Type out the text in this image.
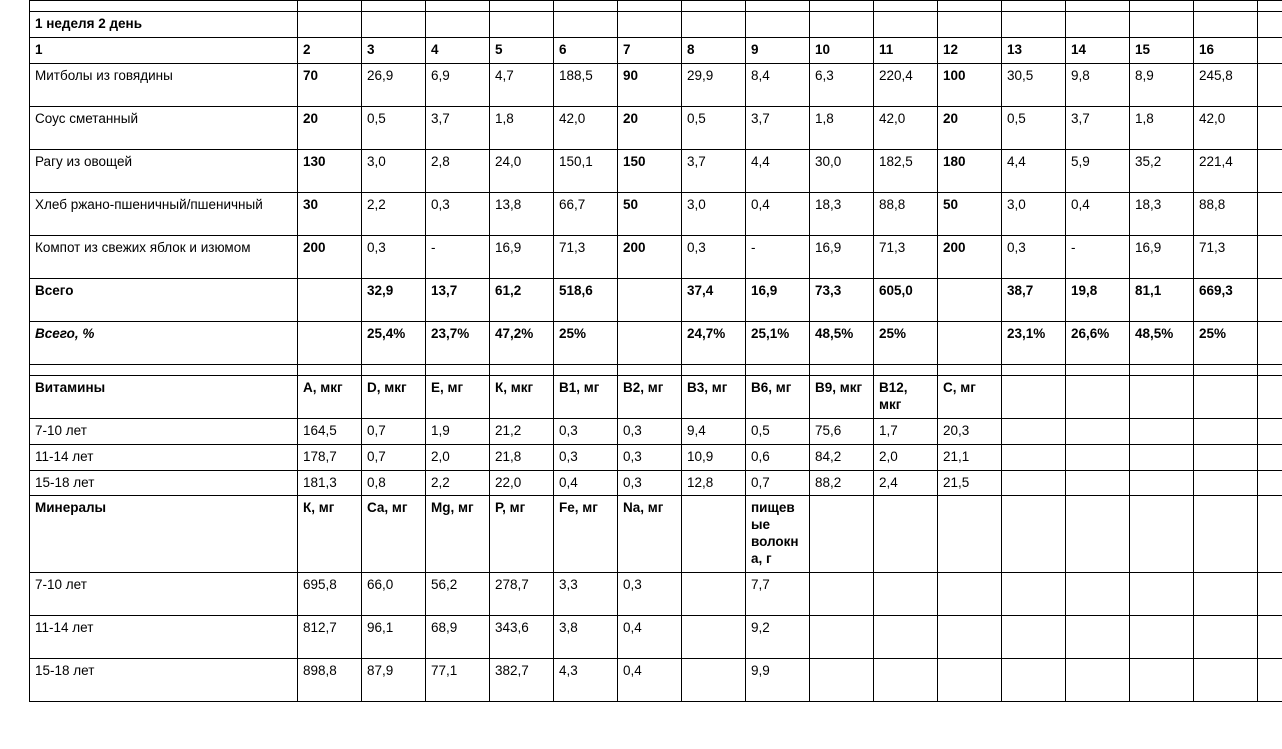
1 неделя 2 день																
1	2	3	4	5	6	7	8	9	10	11	12	13	14	15	16	
Митболы из говядины	70	26,9	6,9	4,7	188,5	90	29,9	8,4	6,3	220,4	100	30,5	9,8	8,9	245,8	
Соус сметанный	20	0,5	3,7	1,8	42,0	20	0,5	3,7	1,8	42,0	20	0,5	3,7	1,8	42,0	
Рагу из овощей	130	3,0	2,8	24,0	150,1	150	3,7	4,4	30,0	182,5	180	4,4	5,9	35,2	221,4	
Хлеб ржано-пшеничный/пшеничный	30	2,2	0,3	13,8	66,7	50	3,0	0,4	18,3	88,8	50	3,0	0,4	18,3	88,8	
Компот из свежих яблок и изюмом	200	0,3	-	16,9	71,3	200	0,3	-	16,9	71,3	200	0,3	-	16,9	71,3	
Всего		32,9	13,7	61,2	518,6		37,4	16,9	73,3	605,0		38,7	19,8	81,1	669,3	
Всего, %		25,4%	23,7%	47,2%	25%		24,7%	25,1%	48,5%	25%		23,1%	26,6%	48,5%	25%	

Витамины	А, мкг	D, мкг	Е, мг	К, мкг	В1, мг	В2, мг	В3, мг	В6, мг	В9, мкг	В12, мкг	С, мг					
7-10 лет	164,5	0,7	1,9	21,2	0,3	0,3	9,4	0,5	75,6	1,7	20,3					
11-14 лет	178,7	0,7	2,0	21,8	0,3	0,3	10,9	0,6	84,2	2,0	21,1					
15-18 лет	181,3	0,8	2,2	22,0	0,4	0,3	12,8	0,7	88,2	2,4	21,5					
Минералы	К, мг	Са, мг	Mg, мг	Р, мг	Fe, мг	Na, мг		пищевые волокна, г								
7-10 лет	695,8	66,0	56,2	278,7	3,3	0,3		7,7								
11-14 лет	812,7	96,1	68,9	343,6	3,8	0,4		9,2								
15-18 лет	898,8	87,9	77,1	382,7	4,3	0,4		9,9								
